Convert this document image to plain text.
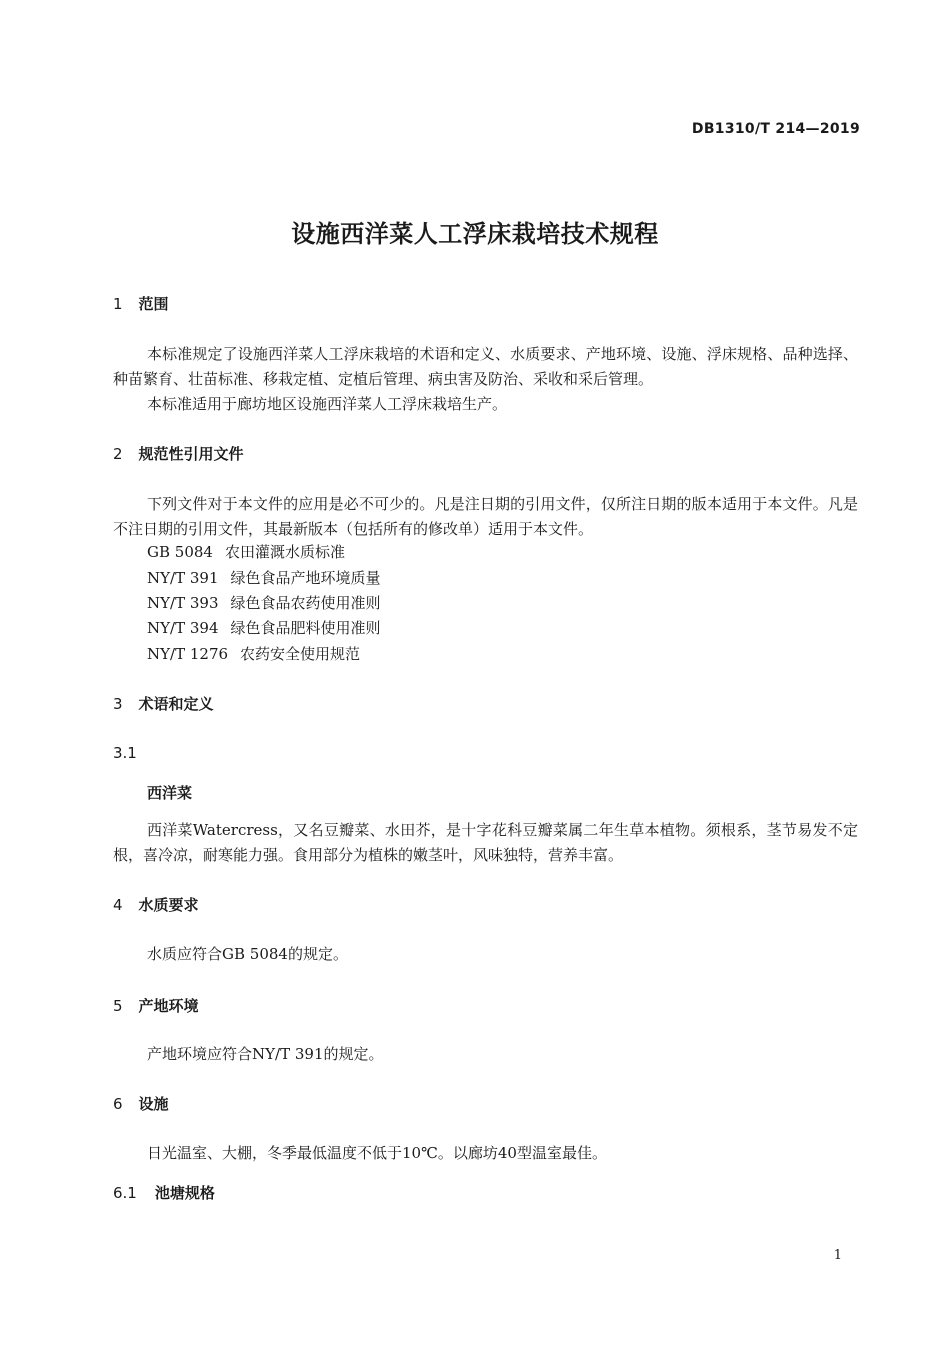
DB1310/T 214—2019
设施西洋菜人工浮床栽培技术规程
1 范围

本标准规定了设施西洋菜人工浮床栽培的术语和定义、水质要求、产地环境、设施、浮床规格、品种选择、种苗繁育、壮苗标准、移栽定植、定植后管理、病虫害及防治、采收和采后管理。

本标准适用于廊坊地区设施西洋菜人工浮床栽培生产。

2 规范性引用文件

下列文件对于本文件的应用是必不可少的。凡是注日期的引用文件，仅所注日期的版本适用于本文件。凡是不注日期的引用文件，其最新版本（包括所有的修改单）适用于本文件。

GB 5084 农田灌溉水质标准
NY/T 391 绿色食品产地环境质量
NY/T 393 绿色食品农药使用准则
NY/T 394 绿色食品肥料使用准则
NY/T 1276 农药安全使用规范
3 术语和定义
3.1
西洋菜

西洋菜Watercress，又名豆瓣菜、水田芥，是十字花科豆瓣菜属二年生草本植物。须根系，茎节易发不定根，喜冷凉，耐寒能力强。食用部分为植株的嫩茎叶，风味独特，营养丰富。

4 水质要求

水质应符合GB 5084的规定。

5 产地环境

产地环境应符合NY/T 391的规定。

6 设施

日光温室、大棚，冬季最低温度不低于10℃。以廊坊40型温室最佳。

6.1 池塘规格
1
